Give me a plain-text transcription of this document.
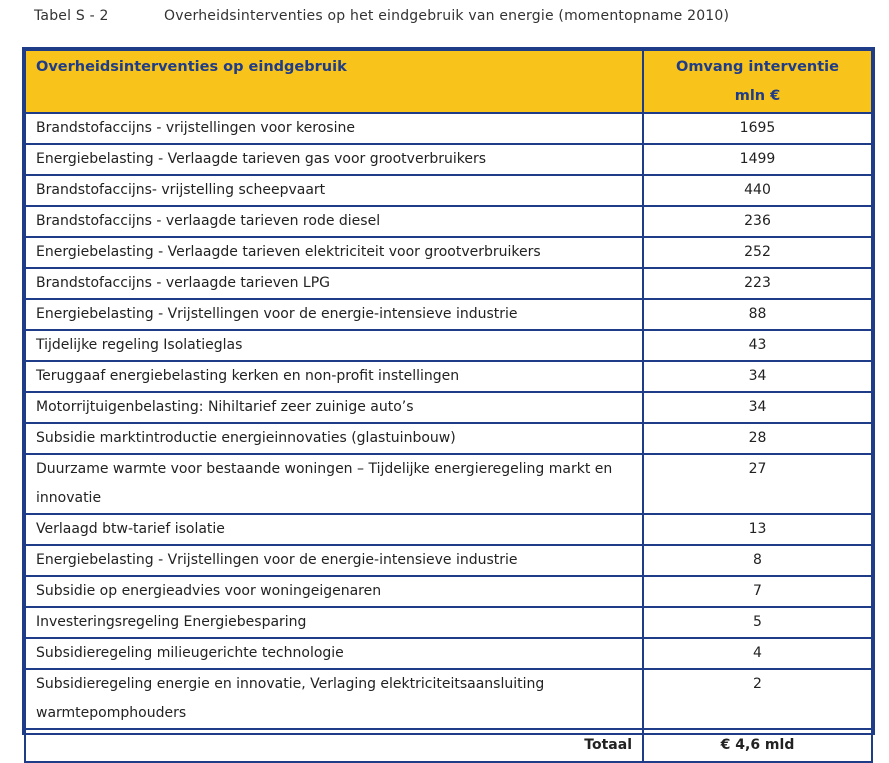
Tabel S - 2	Overheidsinterventies op het eindgebruik van energie (momentopname 2010)
Overheidsinterventies op eindgebruik	Omvang interventie
mln €

Brandstofaccijns - vrijstellingen voor kerosine	1695
Energiebelasting - Verlaagde tarieven gas voor grootverbruikers	1499
Brandstofaccijns- vrijstelling scheepvaart	440
Brandstofaccijns - verlaagde tarieven rode diesel	236
Energiebelasting - Verlaagde tarieven elektriciteit voor grootverbruikers	252
Brandstofaccijns - verlaagde tarieven LPG	223
Energiebelasting - Vrijstellingen voor de energie-intensieve industrie	88
Tijdelijke regeling Isolatieglas	43
Teruggaaf energiebelasting kerken en non-profit instellingen	34
Motorrijtuigenbelasting: Nihiltarief zeer zuinige auto’s	34
Subsidie marktintroductie energieinnovaties (glastuinbouw)	28
Duurzame warmte voor bestaande woningen – Tijdelijke energieregeling markt en innovatie	27
Verlaagd btw-tarief isolatie	13
Energiebelasting - Vrijstellingen voor de energie-intensieve industrie	8
Subsidie op energieadvies voor woningeigenaren	7
Investeringsregeling Energiebesparing	5
Subsidieregeling milieugerichte technologie	4
Subsidieregeling energie en innovatie, Verlaging elektriciteitsaansluiting warmtepomphouders	2
Totaal	€ 4,6 mld
